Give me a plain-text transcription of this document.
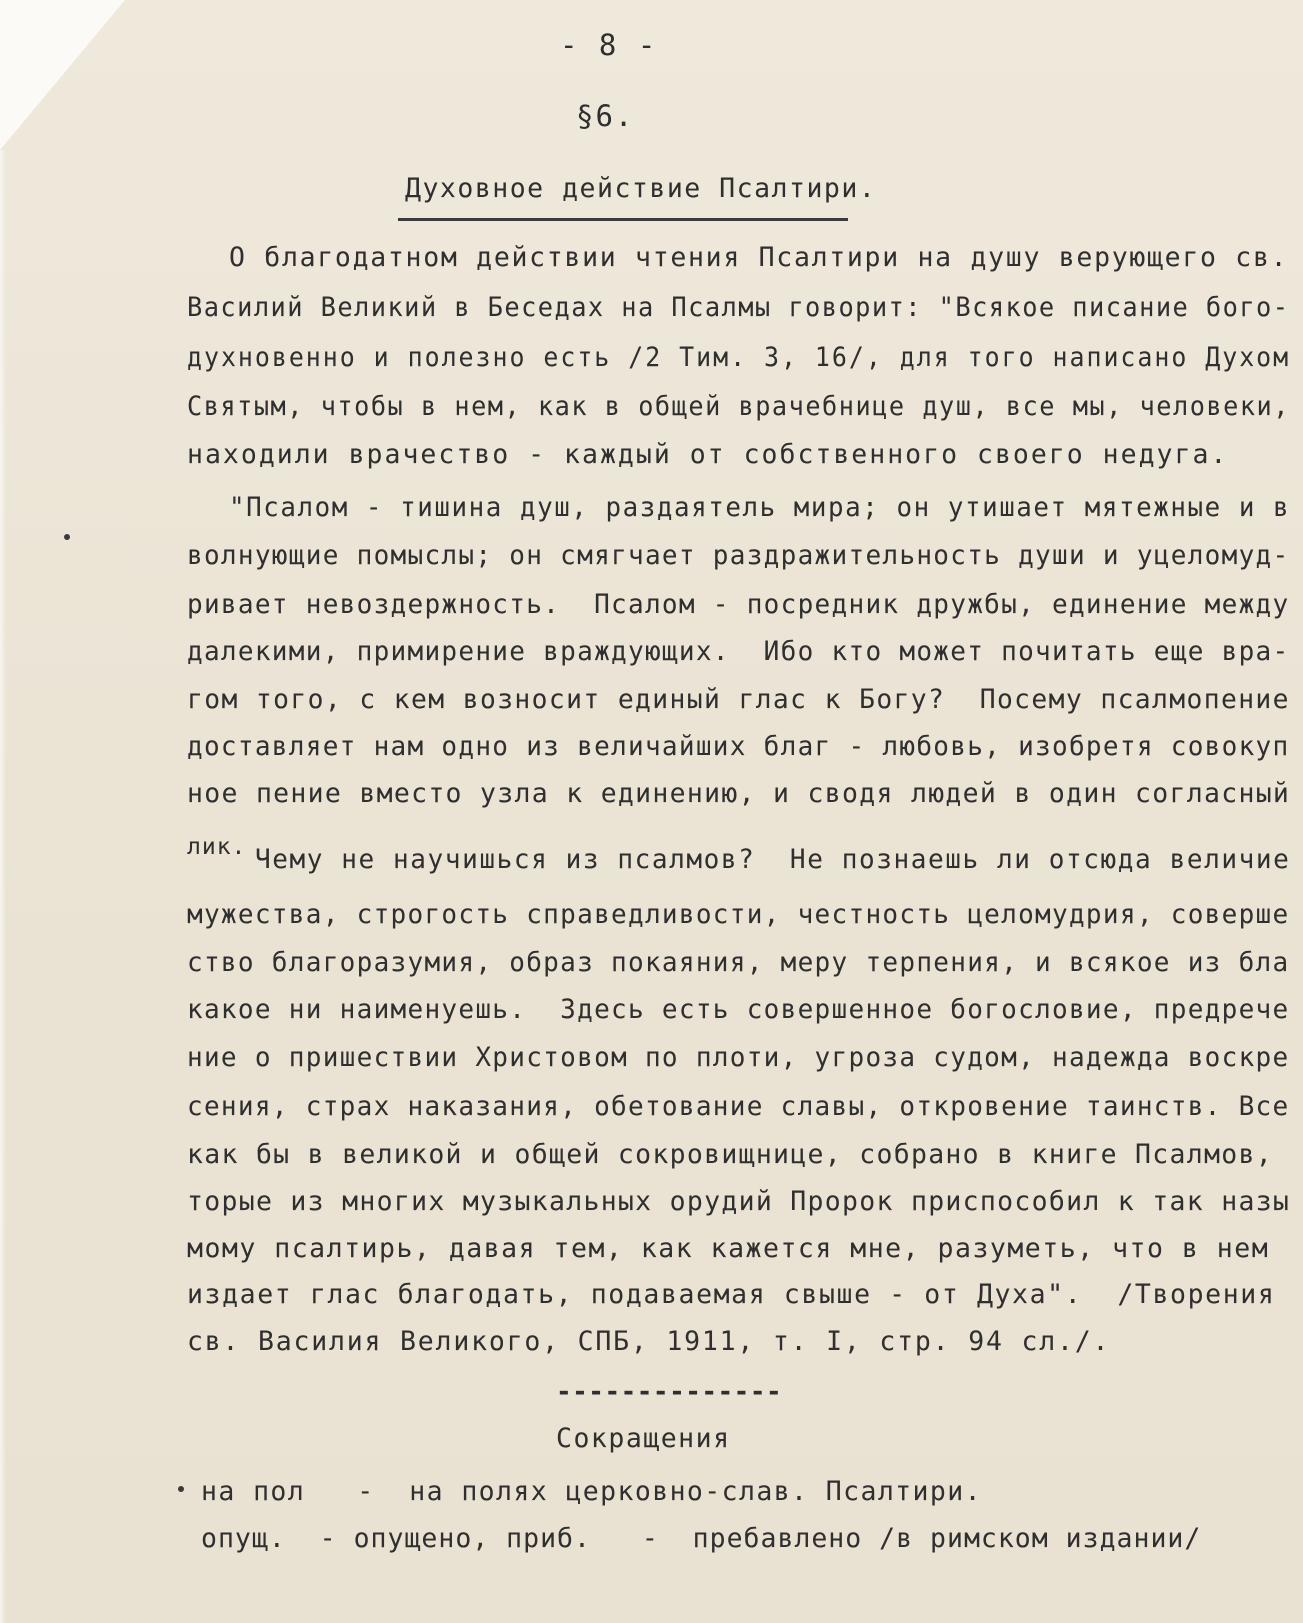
- 8 -

§6.

Духовное действие Псалтири.

О благодатном действии чтения Псалтири на душу верующего св.

Василий Великий в Беседах на Псалмы говорит: "Всякое писание бого-

духновенно и полезно есть /2 Тим. 3, 16/, для того написано Духом

Святым, чтобы в нем, как в общей врачебнице душ, все мы, человеки,

находили врачество - каждый от собственного своего недуга.

"Псалом - тишина душ, раздаятель мира; он утишает мятежные и в

волнующие помыслы; он смягчает раздражительность души и уцеломуд-

ривает невоздержность.  Псалом - посредник дружбы, единение между

далекими, примирение враждующих.  Ибо кто может почитать еще вра-

гом того, с кем возносит единый глас к Богу?  Посему псалмопение

доставляет нам одно из величайших благ - любовь, изобретя совокуп

ное пение вместо узла к единению, и сводя людей в один согласный

лик. Чему не научишься из псалмов?  Не познаешь ли отсюда величие

мужества, строгость справедливости, честность целомудрия, соверше

ство благоразумия, образ покаяния, меру терпения, и всякое из бла

какое ни наименуешь.  Здесь есть совершенное богословие, предрече

ние о пришествии Христовом по плоти, угроза судом, надежда воскре

сения, страх наказания, обетование славы, откровение таинств. Все

как бы в великой и общей сокровищнице, собрано в книге Псалмов,

торые из многих музыкальных орудий Пророк приспособил к так назы

мому псалтирь, давая тем, как кажется мне, разуметь, что в нем

издает глас благодать, подаваемая свыше - от Духа".  /Творения

св. Василия Великого, СПБ, 1911, т. I, стр. 94 сл./.

--------------

Сокращения

на пол   -  на полях церковно-слав. Псалтири.

опущ.  - опущено, приб.   -  пребавлено /в римском издании/
